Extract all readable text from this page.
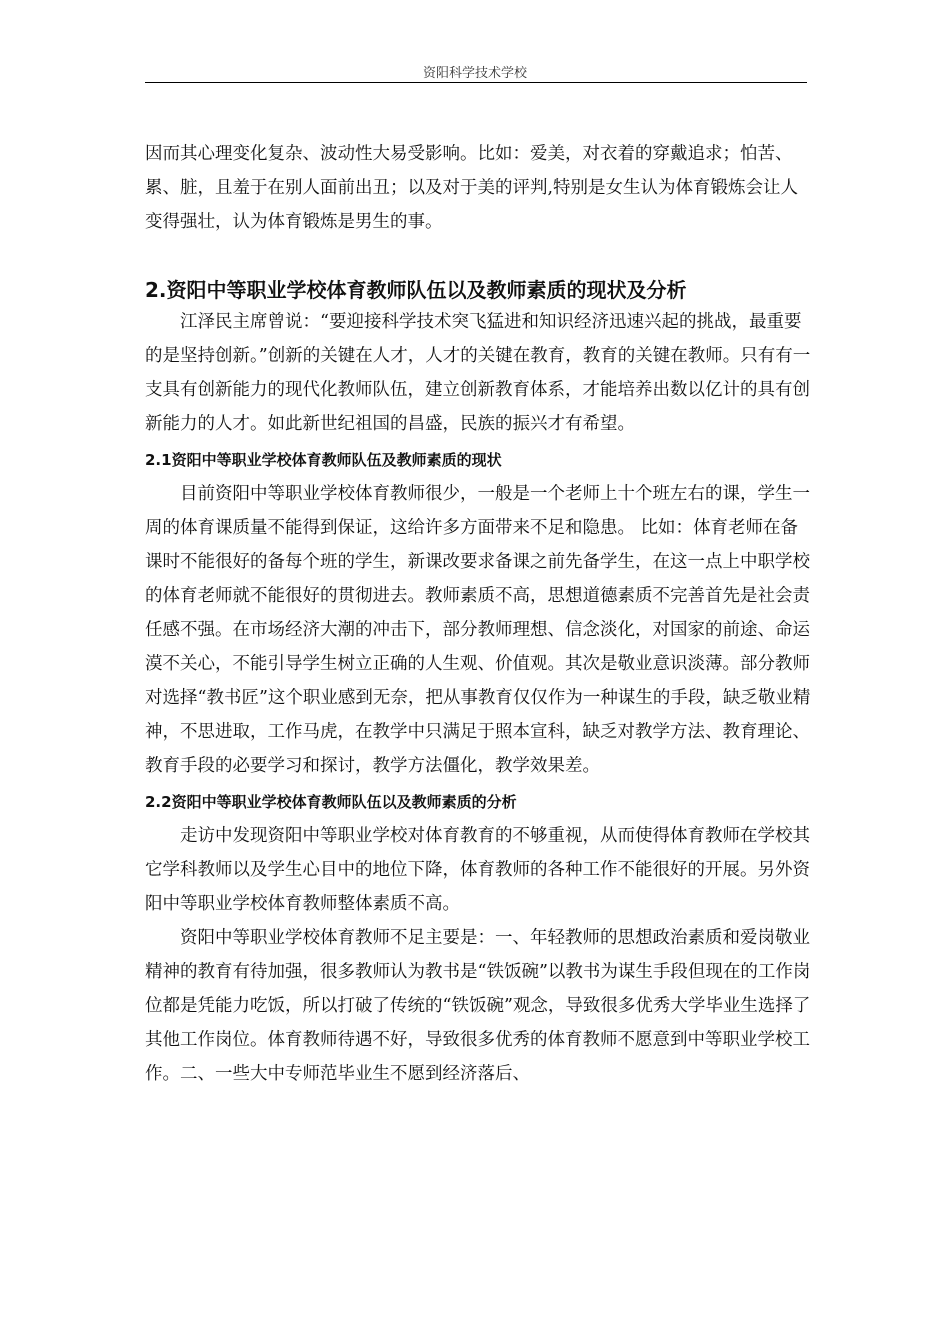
资阳科学技术学校

因而其心理变化复杂、波动性大易受影响。比如：爱美，对衣着的穿戴追求；怕苦、累、脏，且羞于在别人面前出丑；以及对于美的评判,特别是女生认为体育锻炼会让人变得强壮，认为体育锻炼是男生的事。

2.资阳中等职业学校体育教师队伍以及教师素质的现状及分析

江泽民主席曾说：“要迎接科学技术突飞猛进和知识经济迅速兴起的挑战，最重要的是坚持创新。”创新的关键在人才，人才的关键在教育，教育的关键在教师。只有有一支具有创新能力的现代化教师队伍，建立创新教育体系，才能培养出数以亿计的具有创新能力的人才。如此新世纪祖国的昌盛，民族的振兴才有希望。

2.1资阳中等职业学校体育教师队伍及教师素质的现状

目前资阳中等职业学校体育教师很少，一般是一个老师上十个班左右的课，学生一周的体育课质量不能得到保证，这给许多方面带来不足和隐患。 比如：体育老师在备课时不能很好的备每个班的学生，新课改要求备课之前先备学生，在这一点上中职学校的体育老师就不能很好的贯彻进去。教师素质不高，思想道德素质不完善首先是社会责任感不强。在市场经济大潮的冲击下，部分教师理想、信念淡化，对国家的前途、命运漠不关心，不能引导学生树立正确的人生观、价值观。其次是敬业意识淡薄。部分教师对选择“教书匠”这个职业感到无奈，把从事教育仅仅作为一种谋生的手段，缺乏敬业精神，不思进取，工作马虎，在教学中只满足于照本宣科，缺乏对教学方法、教育理论、教育手段的必要学习和探讨，教学方法僵化，教学效果差。

2.2资阳中等职业学校体育教师队伍以及教师素质的分析

走访中发现资阳中等职业学校对体育教育的不够重视，从而使得体育教师在学校其它学科教师以及学生心目中的地位下降，体育教师的各种工作不能很好的开展。另外资阳中等职业学校体育教师整体素质不高。

资阳中等职业学校体育教师不足主要是：一、年轻教师的思想政治素质和爱岗敬业精神的教育有待加强，很多教师认为教书是“铁饭碗”以教书为谋生手段但现在的工作岗位都是凭能力吃饭，所以打破了传统的“铁饭碗”观念，导致很多优秀大学毕业生选择了其他工作岗位。体育教师待遇不好，导致很多优秀的体育教师不愿意到中等职业学校工作。二、一些大中专师范毕业生不愿到经济落后、
